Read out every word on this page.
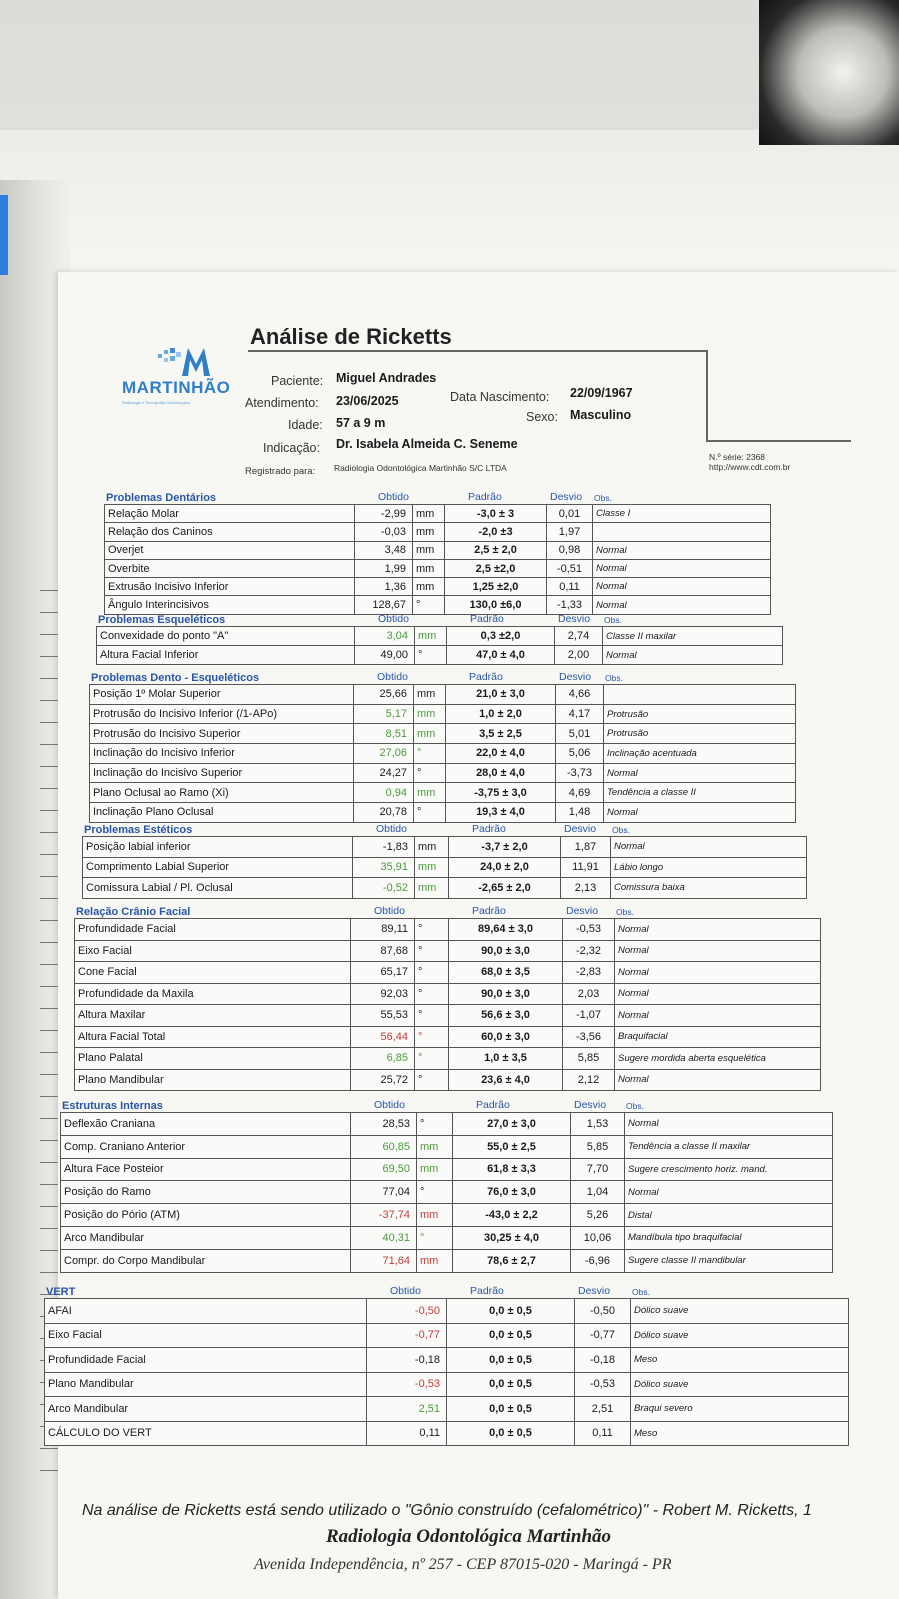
MARTINHÃO
Radiologia e Tomografia Odontológica
Análise de Ricketts
Paciente: Miguel Andrades
Atendimento: 23/06/2025	Data Nascimento: 22/09/1967
Idade: 57 a 9 m	Sexo: Masculino
Indicação: Dr. Isabela Almeida C. Seneme
Registrado para: Radiologia Odontológica Martinhão S/C LTDA
N.º série: 2368
http://www.cdt.com.br
Problemas Dentários	Obtido	Padrão	Desvio Obs.
Relação Molar	-2,99	mm	-3,0 ± 3	0,01	Classe I
Relação dos Caninos	-0,03	mm	-2,0 ±3	1,97	
Overjet	3,48	mm	2,5 ± 2,0	0,98	Normal
Overbite	1,99	mm	2,5 ±2,0	-0,51	Normal
Extrusão Incisivo Inferior	1,36	mm	1,25 ±2,0	0,11	Normal
Ângulo Interincisivos	128,67	°	130,0 ±6,0	-1,33	Normal
Problemas Esqueléticos	Obtido	Padrão	Desvio Obs.
Convexidade do ponto "A"	3,04	mm	0,3 ±2,0	2,74	Classe II maxilar
Altura Facial Inferior	49,00	°	47,0 ± 4,0	2,00	Normal
Problemas Dento - Esqueléticos	Obtido	Padrão	Desvio Obs.
Posição 1º Molar Superior	25,66	mm	21,0 ± 3,0	4,66	
Protrusão do Incisivo Inferior (/1-APo)	5,17	mm	1,0 ± 2,0	4,17	Protrusão
Protrusão do Incisivo Superior	8,51	mm	3,5 ± 2,5	5,01	Protrusão
Inclinação do Incisivo Inferior	27,06	°	22,0 ± 4,0	5,06	Inclinação acentuada
Inclinação do Incisivo Superior	24,27	°	28,0 ± 4,0	-3,73	Normal
Plano Oclusal ao Ramo (Xi)	0,94	mm	-3,75 ± 3,0	4,69	Tendência a classe II
Inclinação Plano Oclusal	20,78	°	19,3 ± 4,0	1,48	Normal
Problemas Estéticos	Obtido	Padrão	Desvio Obs.
Posição labial inferior	-1,83	mm	-3,7 ± 2,0	1,87	Normal
Comprimento Labial Superior	35,91	mm	24,0 ± 2,0	11,91	Lábio longo
Comissura Labial / Pl. Oclusal	-0,52	mm	-2,65 ± 2,0	2,13	Comissura baixa
Relação Crânio Facial	Obtido	Padrão	Desvio Obs.
Profundidade Facial	89,11	°	89,64 ± 3,0	-0,53	Normal
Eixo Facial	87,68	°	90,0 ± 3,0	-2,32	Normal
Cone Facial	65,17	°	68,0 ± 3,5	-2,83	Normal
Profundidade da Maxila	92,03	°	90,0 ± 3,0	2,03	Normal
Altura Maxilar	55,53	°	56,6 ± 3,0	-1,07	Normal
Altura Facial Total	56,44	°	60,0 ± 3,0	-3,56	Braquifacial
Plano Palatal	6,85	°	1,0 ± 3,5	5,85	Sugere mordida aberta esquelética
Plano Mandibular	25,72	°	23,6 ± 4,0	2,12	Normal
Estruturas Internas	Obtido	Padrão	Desvio Obs.
Deflexão Craniana	28,53	°	27,0 ± 3,0	1,53	Normal
Comp. Craniano Anterior	60,85	mm	55,0 ± 2,5	5,85	Tendência a classe II maxilar
Altura Face Posteior	69,50	mm	61,8 ± 3,3	7,70	Sugere crescimento horiz. mand.
Posição do Ramo	77,04	°	76,0 ± 3,0	1,04	Normal
Posição do Pório (ATM)	-37,74	mm	-43,0 ± 2,2	5,26	Distal
Arco Mandibular	40,31	°	30,25 ± 4,0	10,06	Mandíbula tipo braquifacial
Compr. do Corpo Mandibular	71,64	mm	78,6 ± 2,7	-6,96	Sugere classe II mandibular
VERT	Obtido	Padrão	Desvio	Obs.
AFAI	-0,50	0,0 ± 0,5	-0,50	Dólico suave
Eixo Facial	-0,77	0,0 ± 0,5	-0,77	Dólico suave
Profundidade Facial	-0,18	0,0 ± 0,5	-0,18	Meso
Plano Mandibular	-0,53	0,0 ± 0,5	-0,53	Dólico suave
Arco Mandibular	2,51	0,0 ± 0,5	2,51	Braqui severo
CÁLCULO DO VERT	0,11	0,0 ± 0,5	0,11	Meso
Na análise de Ricketts está sendo utilizado o "Gônio construído (cefalométrico)" - Robert M. Ricketts, 1
Radiologia Odontológica Martinhão
Avenida Independência, nº 257 - CEP 87015-020 - Maringá - PR
